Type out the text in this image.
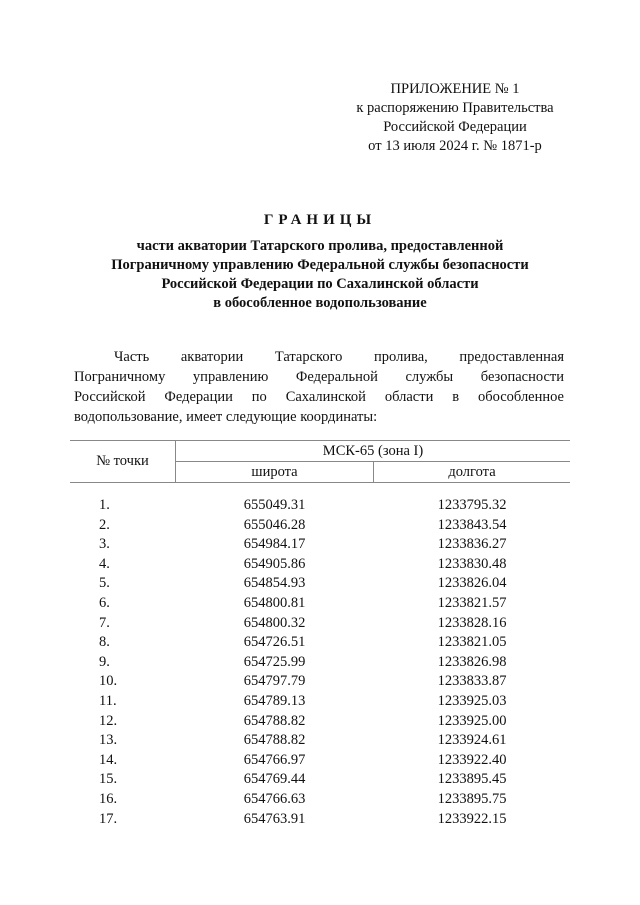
ПРИЛОЖЕНИЕ № 1
к распоряжению Правительства
Российской Федерации
от 13 июля 2024 г. № 1871-р
ГРАНИЦЫ
части акватории Татарского пролива, предоставленной
Пограничному управлению Федеральной службы безопасности
Российской Федерации по Сахалинской области
в обособленное водопользование
Часть акватории Татарского пролива, предоставленная
Пограничному управлению Федеральной службы безопасности
Российской Федерации по Сахалинской области в обособленное
водопользование, имеет следующие координаты:
№ точки
МСК-65 (зона I)
широта	долгота
1.	655049.31	1233795.32
2.	655046.28	1233843.54
3.	654984.17	1233836.27
4.	654905.86	1233830.48
5.	654854.93	1233826.04
6.	654800.81	1233821.57
7.	654800.32	1233828.16
8.	654726.51	1233821.05
9.	654725.99	1233826.98
10.	654797.79	1233833.87
11.	654789.13	1233925.03
12.	654788.82	1233925.00
13.	654788.82	1233924.61
14.	654766.97	1233922.40
15.	654769.44	1233895.45
16.	654766.63	1233895.75
17.	654763.91	1233922.15
